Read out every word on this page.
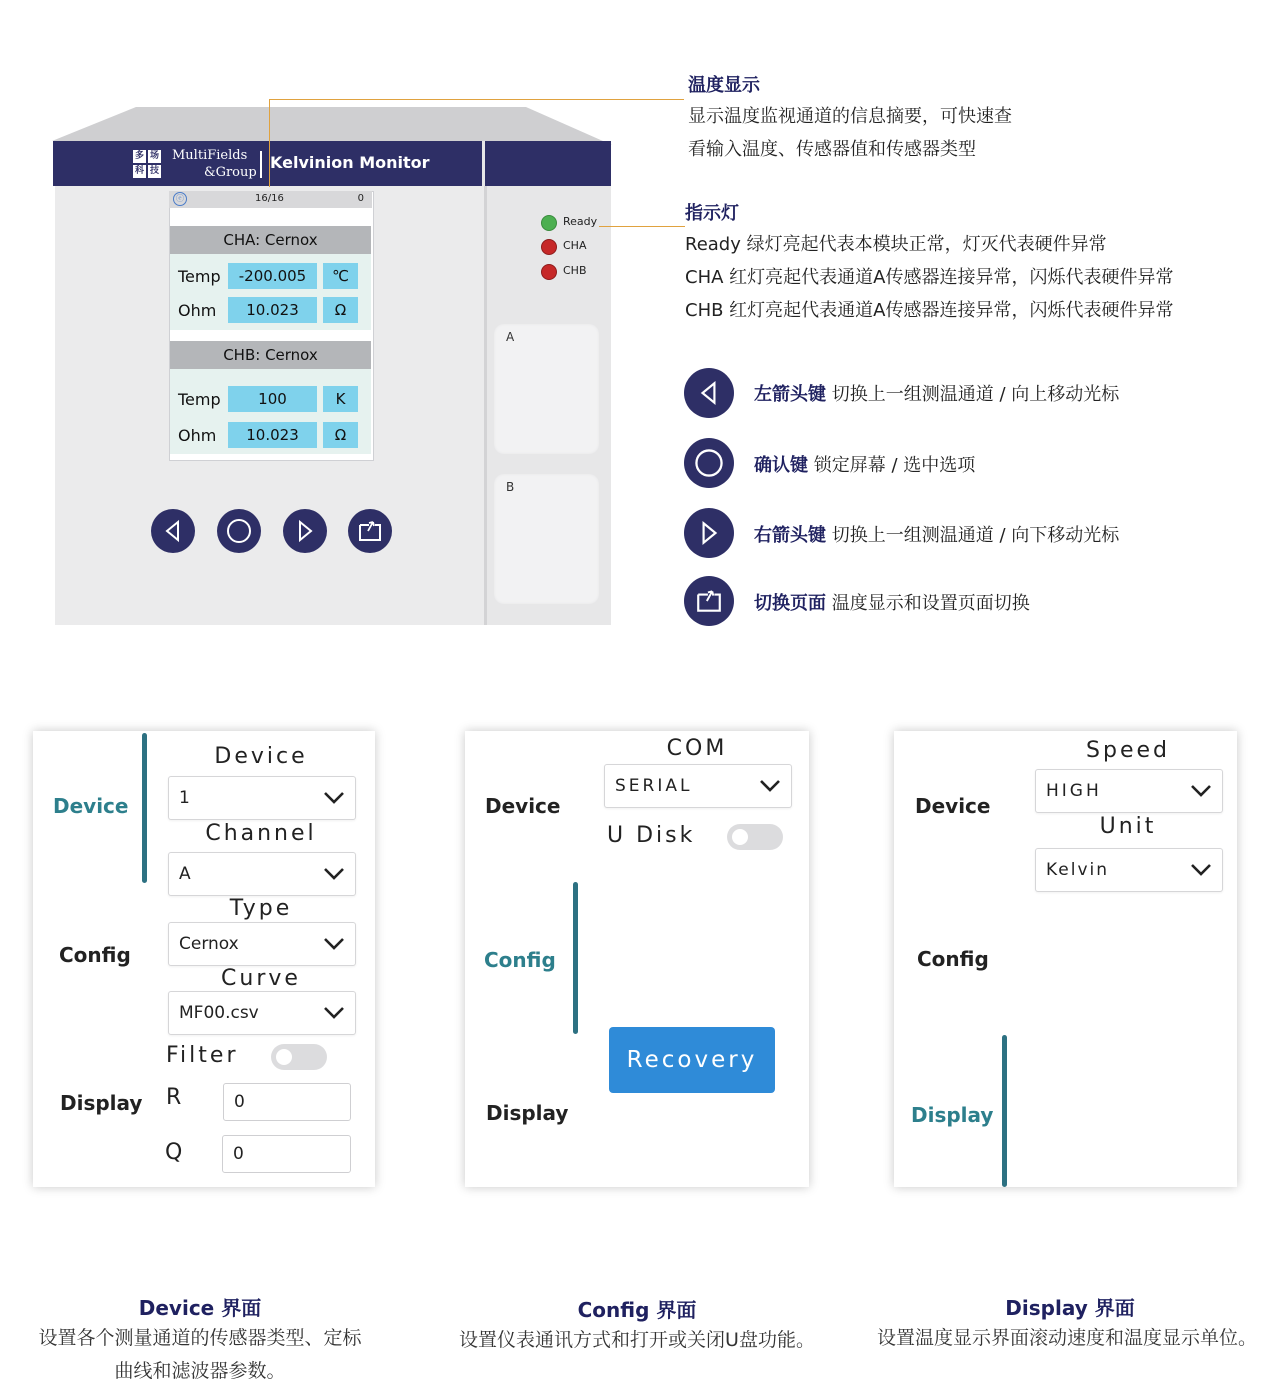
多 场
科 技
MultiFields
&Group
Kelvinion Monitor
ⓔ	16/16	0
CHA: Cernox
Temp	-200.005	℃
Ohm	10.023	Ω
CHB: Cernox
Temp	100	K
Ohm	10.023	Ω
Ready
CHA
CHB
A
B
温度显示
显示温度监视通道的信息摘要，可快速查
看输入温度、传感器值和传感器类型
指示灯
Ready 绿灯亮起代表本模块正常，灯灭代表硬件异常
CHA 红灯亮起代表通道A传感器连接异常，闪烁代表硬件异常
CHB 红灯亮起代表通道A传感器连接异常，闪烁代表硬件异常
左箭头键 切换上一组测温通道 / 向上移动光标
确认键 锁定屏幕 / 选中选项
右箭头键 切换上一组测温通道 / 向下移动光标
切换页面 温度显示和设置页面切换
Device
Config
Display
Device
1
Channel
A
Type
Cernox
Curve
MF00.csv
Filter
R	0
Q	0
Device
Config
Display
COM
SERIAL
U Disk
Recovery
Device
Config
Display
Speed
HIGH
Unit
Kelvin
Device 界面
设置各个测量通道的传感器类型、定标
曲线和滤波器参数。
Config 界面
设置仪表通讯方式和打开或关闭U盘功能。
Display 界面
设置温度显示界面滚动速度和温度显示单位。
